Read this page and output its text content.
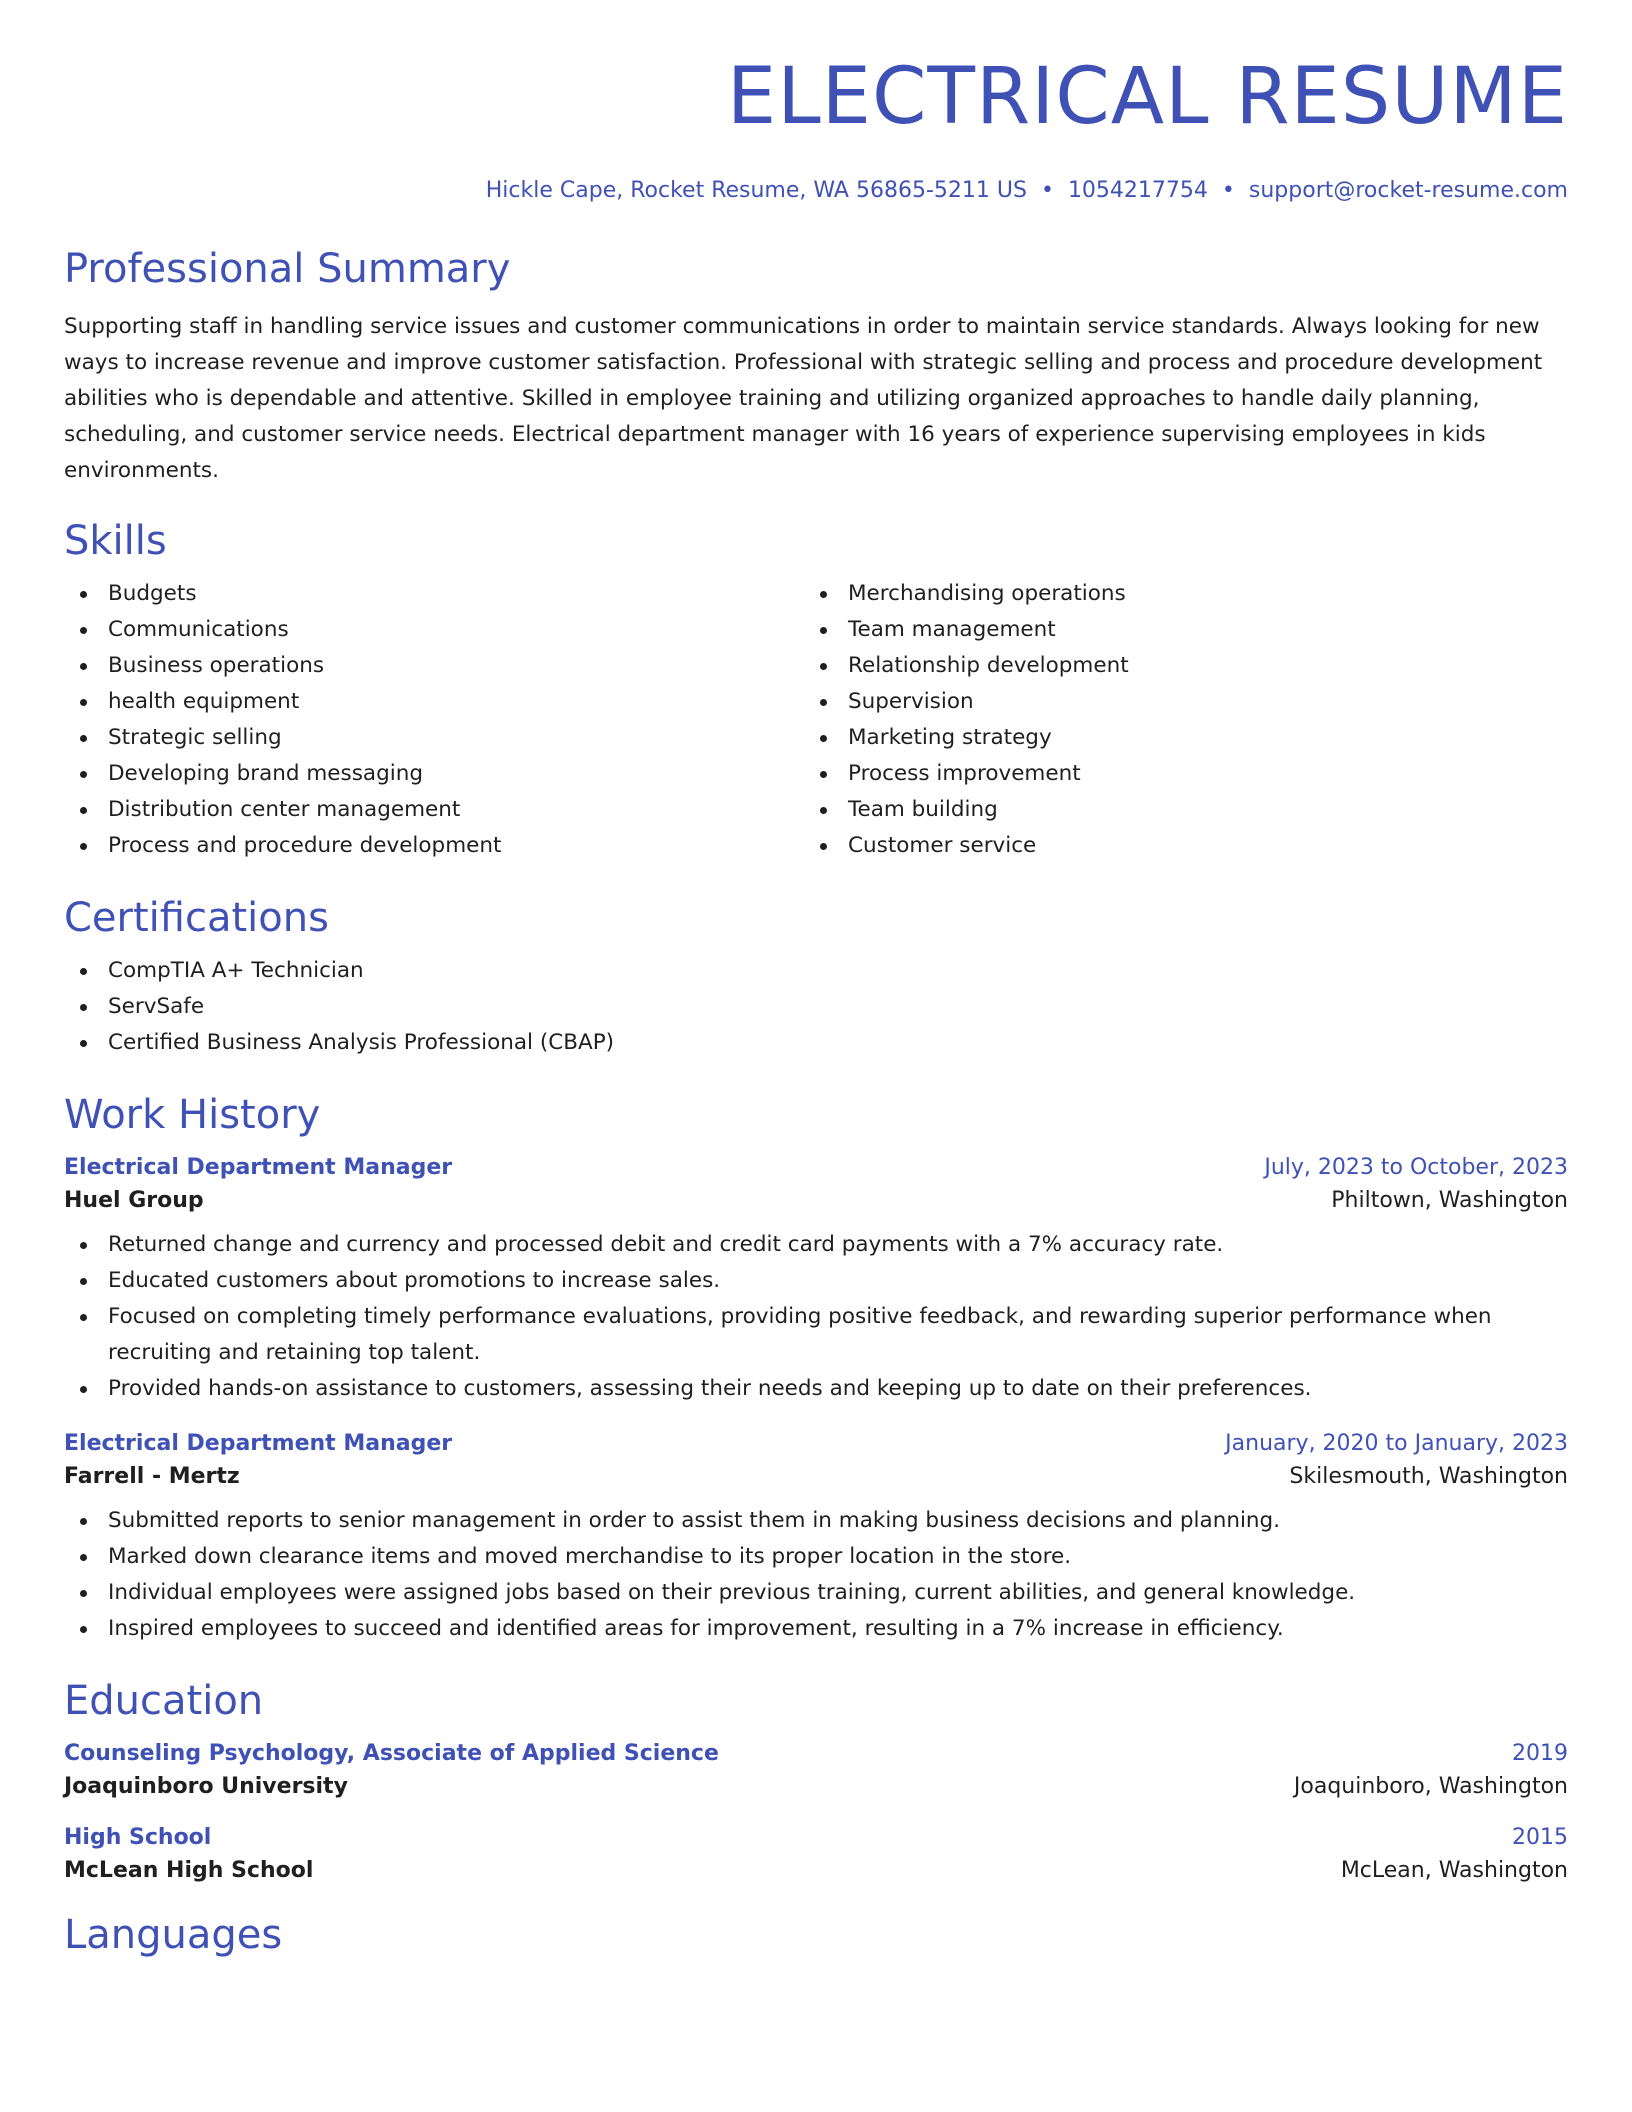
ELECTRICAL RESUME
Hickle Cape, Rocket Resume, WA 56865-5211 US • 1054217754 • support@rocket-resume.com
Professional Summary

Supporting staff in handling service issues and customer communications in order to maintain service standards. Always looking for new ways to increase revenue and improve customer satisfaction. Professional with strategic selling and process and procedure development abilities who is dependable and attentive. Skilled in employee training and utilizing organized approaches to handle daily planning, scheduling, and customer service needs. Electrical department manager with 16 years of experience supervising employees in kids environments.

Skills
Budgets
Communications
Business operations
health equipment
Strategic selling
Developing brand messaging
Distribution center management
Process and procedure development
Merchandising operations
Team management
Relationship development
Supervision
Marketing strategy
Process improvement
Team building
Customer service
Certifications
CompTIA A+ Technician
ServSafe
Certified Business Analysis Professional (CBAP)
Work History
Electrical Department Manager	July, 2023 to October, 2023
Huel Group	Philtown, Washington
Returned change and currency and processed debit and credit card payments with a 7% accuracy rate.
Educated customers about promotions to increase sales.
Focused on completing timely performance evaluations, providing positive feedback, and rewarding superior performance when recruiting and retaining top talent.
Provided hands-on assistance to customers, assessing their needs and keeping up to date on their preferences.
Electrical Department Manager	January, 2020 to January, 2023
Farrell - Mertz	Skilesmouth, Washington
Submitted reports to senior management in order to assist them in making business decisions and planning.
Marked down clearance items and moved merchandise to its proper location in the store.
Individual employees were assigned jobs based on their previous training, current abilities, and general knowledge.
Inspired employees to succeed and identified areas for improvement, resulting in a 7% increase in efficiency.
Education
Counseling Psychology, Associate of Applied Science	2019
Joaquinboro University	Joaquinboro, Washington
High School	2015
McLean High School	McLean, Washington
Languages
